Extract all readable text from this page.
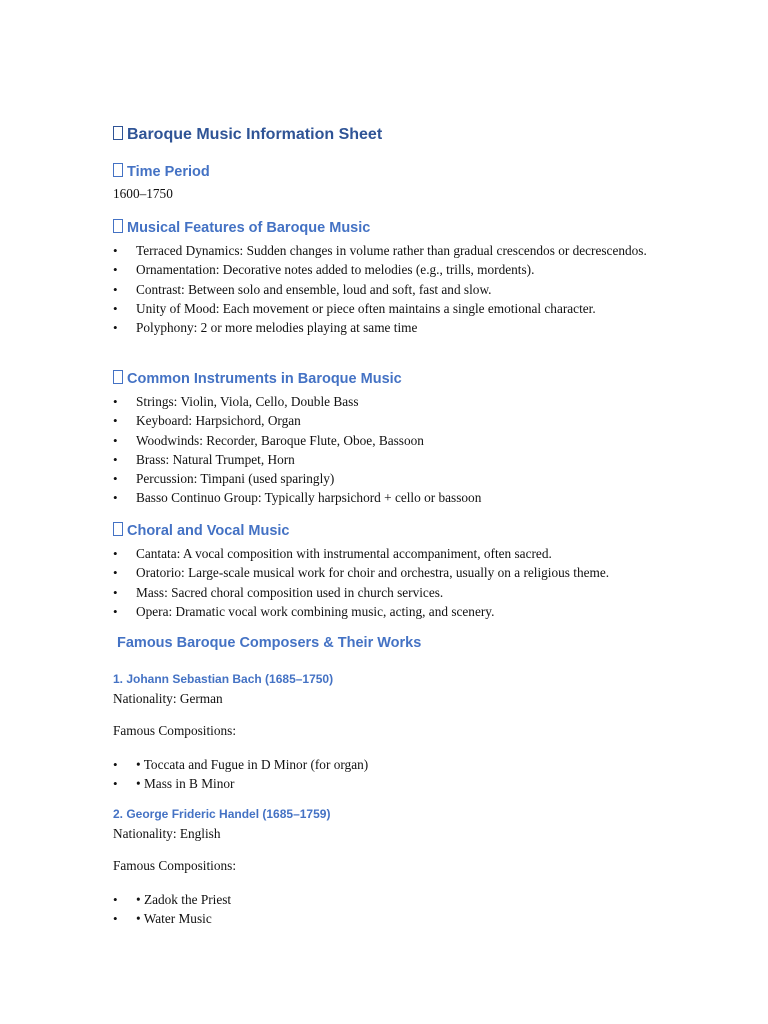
Baroque Music Information Sheet
Time Period

1600–1750

Musical Features of Baroque Music
• Terraced Dynamics: Sudden changes in volume rather than gradual crescendos or decrescendos.
• Ornamentation: Decorative notes added to melodies (e.g., trills, mordents).
• Contrast: Between solo and ensemble, loud and soft, fast and slow.
• Unity of Mood: Each movement or piece often maintains a single emotional character.
• Polyphony: 2 or more melodies playing at same time
Common Instruments in Baroque Music
• Strings: Violin, Viola, Cello, Double Bass
• Keyboard: Harpsichord, Organ
• Woodwinds: Recorder, Baroque Flute, Oboe, Bassoon
• Brass: Natural Trumpet, Horn
• Percussion: Timpani (used sparingly)
• Basso Continuo Group: Typically harpsichord + cello or bassoon
Choral and Vocal Music
• Cantata: A vocal composition with instrumental accompaniment, often sacred.
• Oratorio: Large-scale musical work for choir and orchestra, usually on a religious theme.
• Mass: Sacred choral composition used in church services.
• Opera: Dramatic vocal work combining music, acting, and scenery.
Famous Baroque Composers & Their Works
1. Johann Sebastian Bach (1685–1750)

Nationality: German

Famous Compositions:

• • Toccata and Fugue in D Minor (for organ)
• • Mass in B Minor
2. George Frideric Handel (1685–1759)

Nationality: English

Famous Compositions:

• • Zadok the Priest
• • Water Music
